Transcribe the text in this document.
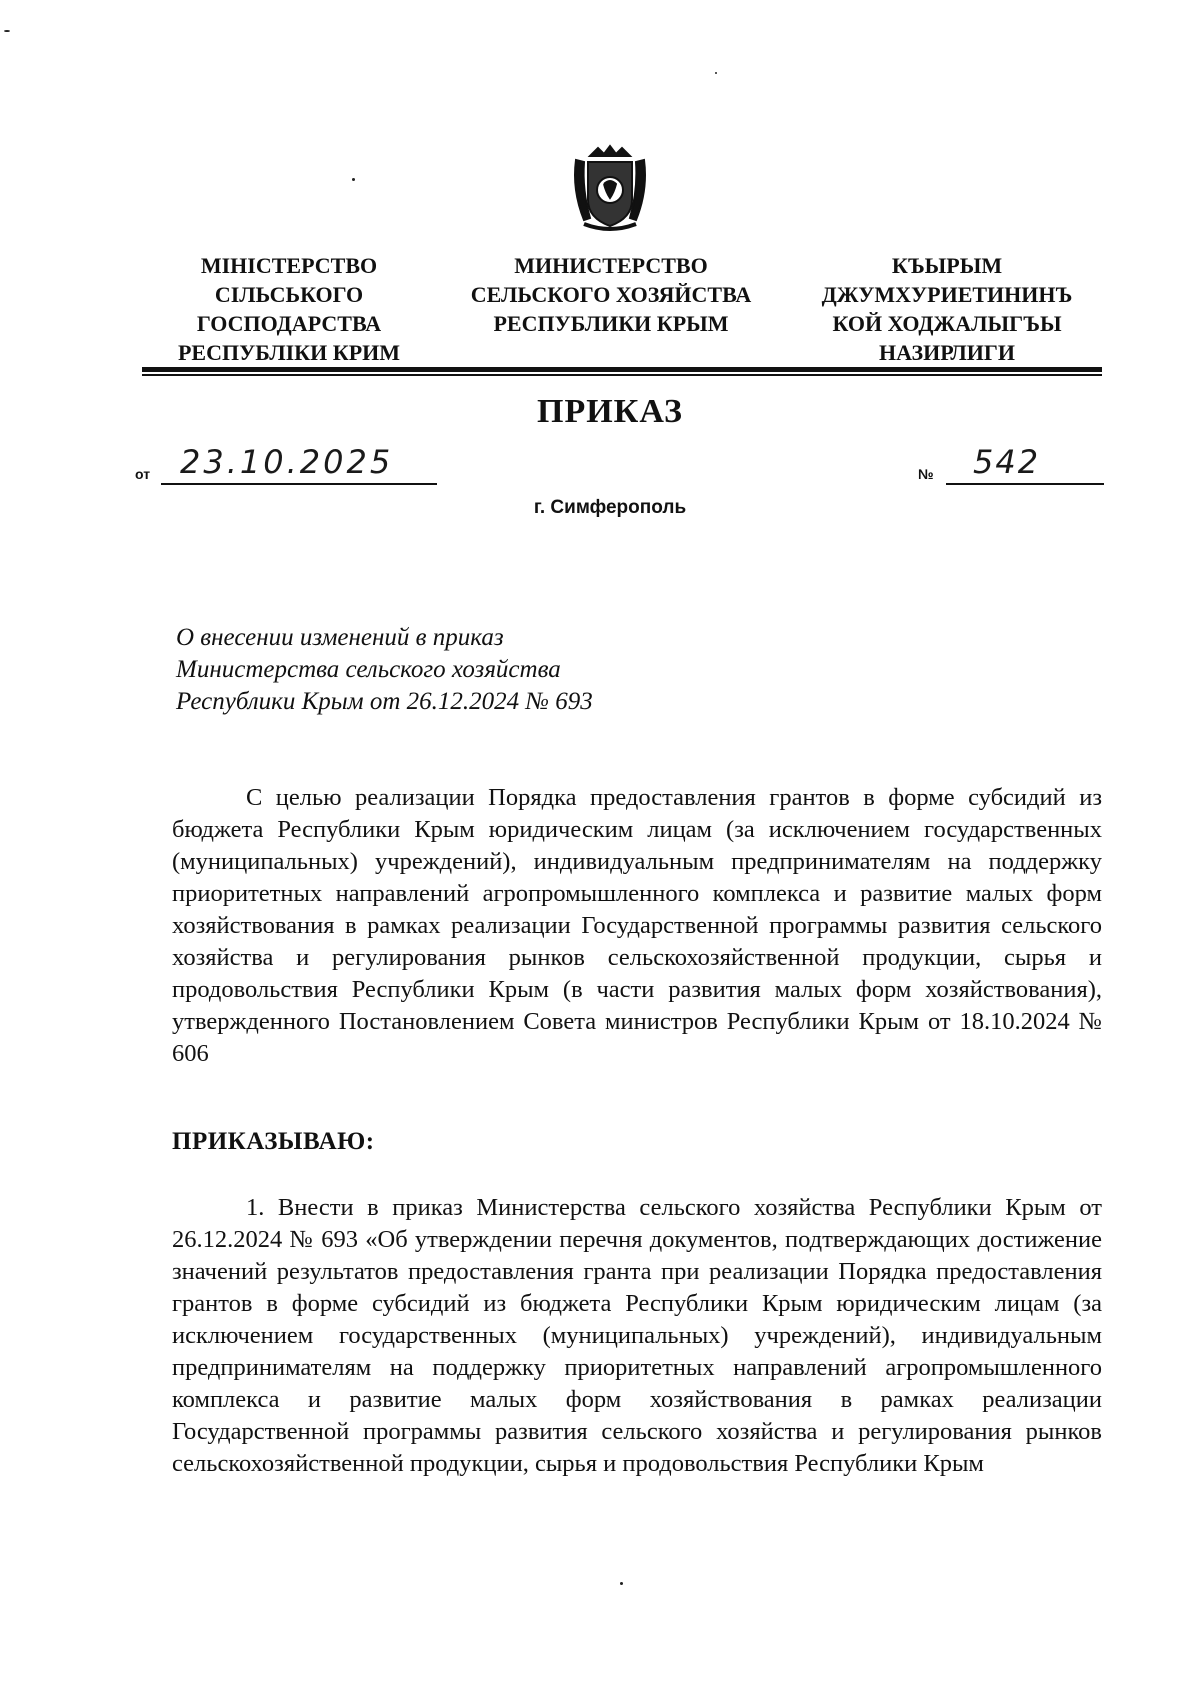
МІНІСТЕРСТВО
СІЛЬСЬКОГО
ГОСПОДАРСТВА
РЕСПУБЛІКИ КРИМ
МИНИСТЕРСТВО
СЕЛЬСКОГО ХОЗЯЙСТВА
РЕСПУБЛИКИ КРЫМ
КЪЫРЫМ
ДЖУМХУРИЕТИНИНЪ
КОЙ ХОДЖАЛЫГЪЫ
НАЗИРЛИГИ
ПРИКАЗ
от 23.10.2025	№ 542
г. Симферополь
О внесении изменений в приказ
Министерства сельского хозяйства
Республики Крым от 26.12.2024 № 693
С целью реализации Порядка предоставления грантов в форме субсидий из бюджета Республики Крым юридическим лицам (за исключением государственных (муниципальных) учреждений), индивидуальным предпринимателям на поддержку приоритетных направлений агропромышленного комплекса и развитие малых форм хозяйствования в рамках реализации Государственной программы развития сельского хозяйства и регулирования рынков сельскохозяйственной продукции, сырья и продовольствия Республики Крым (в части развития малых форм хозяйствования), утвержденного Постановлением Совета министров Республики Крым от 18.10.2024 № 606
ПРИКАЗЫВАЮ:
1. Внести в приказ Министерства сельского хозяйства Республики Крым от 26.12.2024 № 693 «Об утверждении перечня документов, подтверждающих достижение значений результатов предоставления гранта при реализации Порядка предоставления грантов в форме субсидий из бюджета Республики Крым юридическим лицам (за исключением государственных (муниципальных) учреждений), индивидуальным предпринимателям на поддержку приоритетных направлений агропромышленного комплекса и развитие малых форм хозяйствования в рамках реализации Государственной программы развития сельского хозяйства и регулирования рынков сельскохозяйственной продукции, сырья и продовольствия Республики Крым
